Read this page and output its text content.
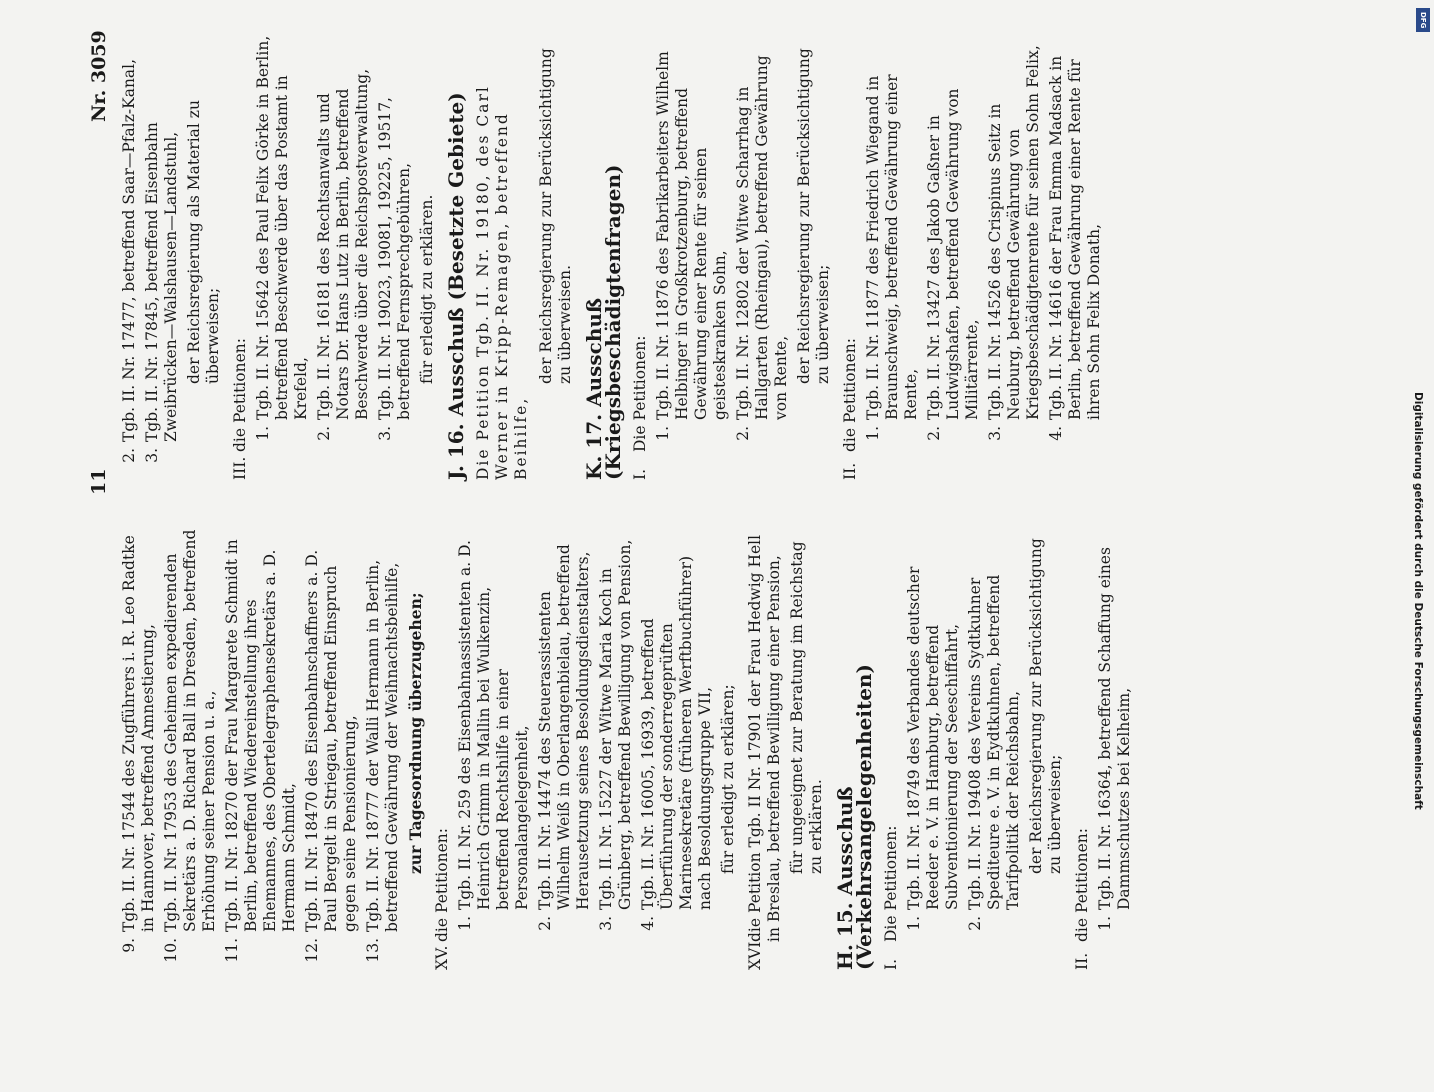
11
Nr. 3059
9.
Tgb. II. Nr. 17544 des Zugführers i. R. Leo Radtke in Hannover, betreffend Amnestierung,
10.
Tgb. II. Nr. 17953 des Geheimen expedierenden Sekretärs a. D. Richard Ball in Dresden, betreffend Erhöhung seiner Pension u. a.,
11.
Tgb. II. Nr. 18270 der Frau Margarete Schmidt in Berlin, betreffend Wiedereinstellung ihres Ehemannes, des Obertelegraphensekretärs a. D. Hermann Schmidt,
12.
Tgb. II. Nr. 18470 des Eisenbahnschaffners a. D. Paul Bergelt in Striegau, betreffend Einspruch gegen seine Pensionierung,
13.
Tgb. II. Nr. 18777 der Walli Hermann in Berlin, betreffend Gewährung der Weihnachtsbeihilfe, zur Tagesordnung überzugehen;
XV.
die Petitionen: 1.
Tgb. II. Nr. 259 des Eisenbahnassistenten a. D. Heinrich Grimm in Mallin bei Wulkenzin, betreffend Rechtshilfe in einer Personalangelegenheit,
2.
Tgb. II. Nr. 14474 des Steuerassistenten Wilhelm Weiß in Oberlangenbielau, betreffend Herausetzung seines Besoldungsdienstalters,
3.
Tgb. II. Nr. 15227 der Witwe Maria Koch in Grünberg, betreffend Bewilligung von Pension,
4.
Tgb. II. Nr. 16005, 16939, betreffend Überführung der sonderregeprüften Marinesekretäre (früheren Werftbuchführer) nach Besoldungsgruppe VII, für erledigt zu erklären;
XVI.
die Petition Tgb. II Nr. 17901 der Frau Hedwig Hell in Breslau, betreffend Bewilligung einer Pension, für ungeeignet zur Beratung im Reichstag zu erklären. H. 15. Ausschuß (Verkehrsangelegenheiten) I.
Die Petitionen: 1.
Tgb. II. Nr. 18749 des Verbandes deutscher Reeder e. V. in Hamburg, betreffend Subventionierung der Seeschiffahrt,
2.
Tgb. II. Nr. 19408 des Vereins Sydtkuhner Spediteure e. V. in Eydtkuhnen, betreffend Tarifpolitik der Reichsbahn, der Reichsregierung zur Berücksichtigung zu überweisen;
II.
die Petitionen: 1.
Tgb. II. Nr. 16364, betreffend Schaffung eines Dammschutzes bei Kelheim,
2.
Tgb. II. Nr. 17477, betreffend Saar—Pfalz-Kanal,
3.
Tgb. II. Nr. 17845, betreffend Eisenbahn Zweibrücken—Walshausen—Landstuhl, der Reichsregierung als Material zu überweisen;
III.
die Petitionen: 1.
Tgb. II. Nr. 15642 des Paul Felix Görke in Berlin, betreffend Beschwerde über das Postamt in Krefeld,
2.
Tgb. II. Nr. 16181 des Rechtsanwalts und Notars Dr. Hans Lutz in Berlin, betreffend Beschwerde über die Reichspostverwaltung,
3.
Tgb. II. Nr. 19023, 19081, 19225, 19517, betreffend Fernsprechgebühren, für erledigt zu erklären. J. 16. Ausschuß (Besetzte Gebiete) Die Petition Tgb. II. Nr. 19180, des Carl Werner in Kripp-Remagen, betreffend Beihilfe,
der Reichsregierung zur Berücksichtigung zu überweisen. K. 17. Ausschuß (Kriegsbeschädigtenfragen) I.
Die Petitionen: 1.
Tgb. II. Nr. 11876 des Fabrikarbeiters Wilhelm Helbinger in Großkrotzenburg, betreffend Gewährung einer Rente für seinen geisteskranken Sohn,
2.
Tgb. II. Nr. 12802 der Witwe Scharrhag in Hallgarten (Rheingau), betreffend Gewährung von Rente, der Reichsregierung zur Berücksichtigung zu überweisen;
II.
die Petitionen: 1.
Tgb. II. Nr. 11877 des Friedrich Wiegand in Braunschweig, betreffend Gewährung einer Rente,
2.
Tgb. II. Nr. 13427 des Jakob Gaßner in Ludwigshafen, betreffend Gewährung von Militärrente,
3.
Tgb. II. Nr. 14526 des Crispinus Seitz in Neuburg, betreffend Gewährung von Kriegsbeschädigtenrente für seinen Sohn Felix,
4.
Tgb. II. Nr. 14616 der Frau Emma Madsack in Berlin, betreffend Gewährung einer Rente für ihren Sohn Felix Donath,
Digitalisierung gefördert durch die Deutsche Forschungsgemeinschaft
DFG
